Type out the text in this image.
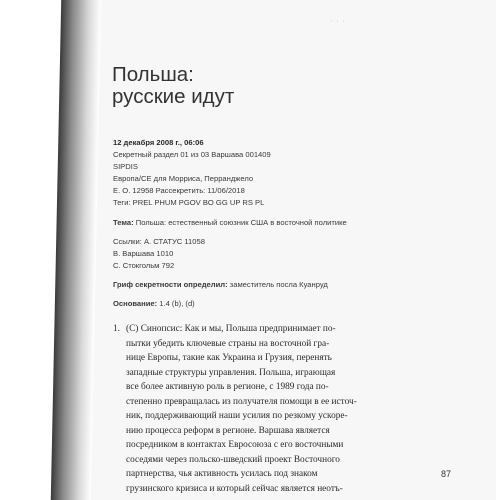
· · ·
Польша:
русские идут
12 декабря 2008 г., 06:06
Секретный раздел 01 из 03 Варшава 001409
SIPDIS
Европа/СЕ для Морриса, Перранджело
Е. О. 12958 Рассекретить: 11/06/2018
Теги: PREL PHUM PGOV BO GG UP RS PL
Тема: Польша: естественный союзник США в восточной политике
Ссылки: А. СТАТУС 11058
В. Варшава 1010
С. Стокгольм 792
Гриф секретности определил: заместитель посла Куанруд
Основание: 1.4 (b), (d)
1. (С) Синопсис: Как и мы, Польша предпринимает по-
пытки убедить ключевые страны на восточной гра-
нице Европы, такие как Украина и Грузия, перенять
западные структуры управления. Польша, играющая
все более активную роль в регионе, с 1989 года по-
степенно превращалась из получателя помощи в ее источ-
ник, поддерживающий наши усилия по резкому ускоре-
нию процесса реформ в регионе. Варшава является
посредником в контактах Евросоюза с его восточными
соседями через польско-шведский проект Восточного
партнерства, чья активность усилась под знаком
грузинского кризиса и который сейчас является неотъ-
87
